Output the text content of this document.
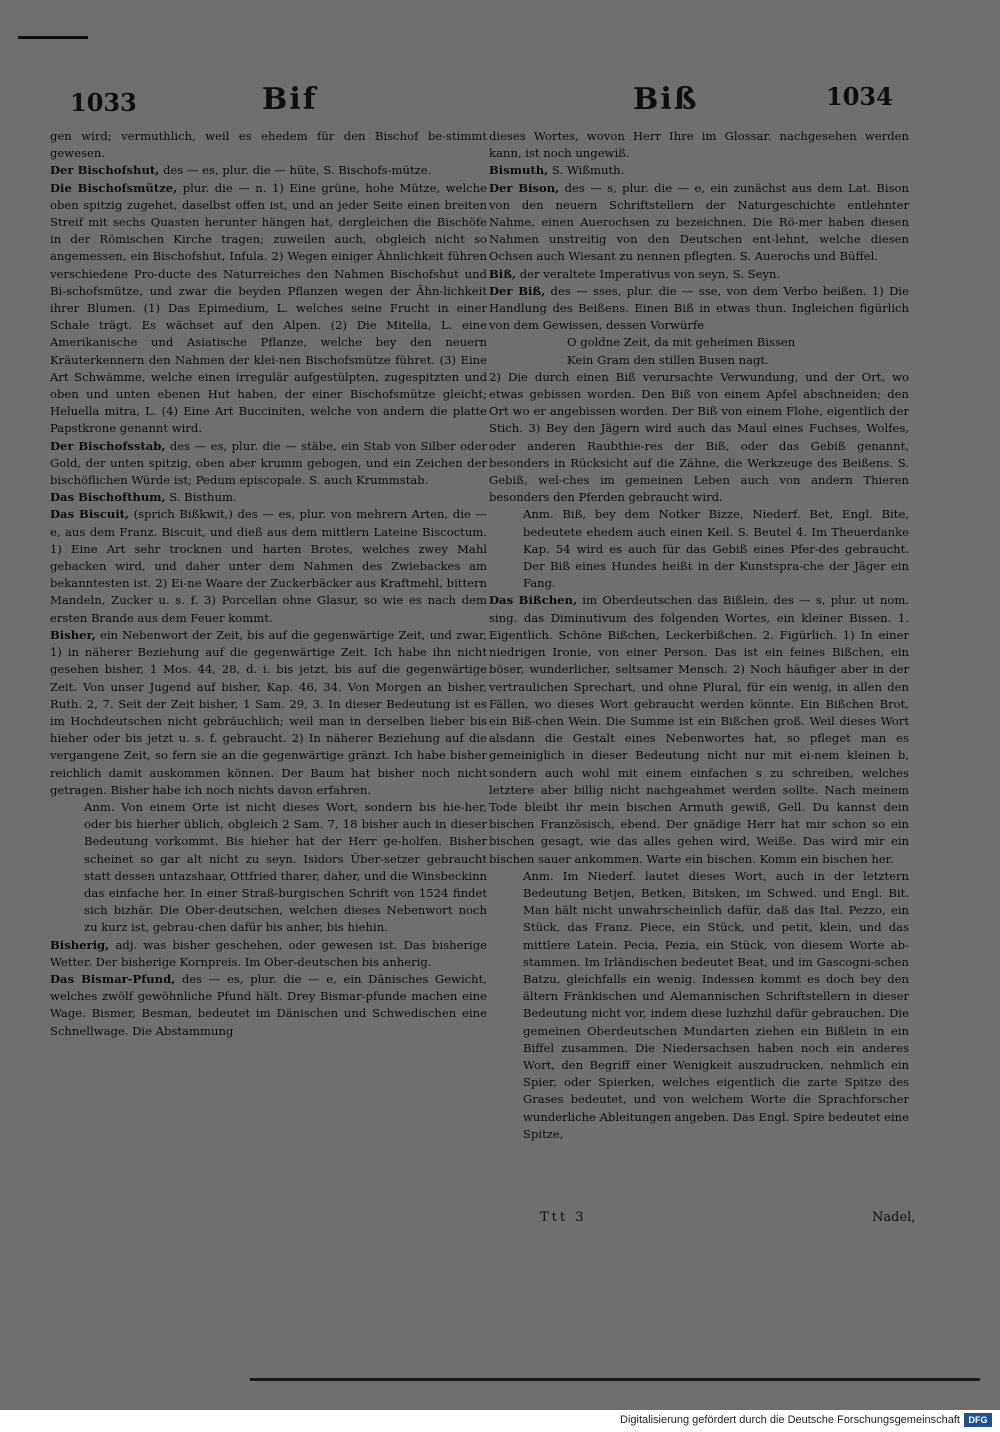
1033	Bif	Biß	1034

gen wird; vermuthlich, weil es ehedem für den Bischof be-stimmt gewesen.

Der Bischofshut, des — es, plur. die — hüte, S. Bischofs-mütze.

Die Bischofsmütze, plur. die — n. 1) Eine grüne, hohe Mütze, welche oben spitzig zugehet, daselbst offen ist, und an jeder Seite einen breiten Streif mit sechs Quasten herunter hängen hat, dergleichen die Bischöfe in der Römischen Kirche tragen; zuweilen auch, obgleich nicht so angemessen, ein Bischofshut, Infula. 2) Wegen einiger Ähnlichkeit führen verschiedene Pro-ducte des Naturreiches den Nahmen Bischofshut und Bi-schofsmütze, und zwar die beyden Pflanzen wegen der Ähn-lichkeit ihrer Blumen. (1) Das Epimedium, L. welches seine Frucht in einer Schale trägt. Es wächset auf den Alpen. (2) Die Mitella, L. eine Amerikanische und Asiatische Pflanze, welche bey den neuern Kräuterkennern den Nahmen der klei-nen Bischofsmütze führet. (3) Eine Art Schwämme, welche einen irregulär aufgestülpten, zugespitzten und oben und unten ebenen Hut haben, der einer Bischofsmütze gleicht; Heluella mitra, L. (4) Eine Art Bucciniten, welche von andern die platte Papstkrone genannt wird.

Der Bischofsstab, des — es, plur. die — stäbe, ein Stab von Silber oder Gold, der unten spitzig, oben aber krumm gebogen, und ein Zeichen der bischöflichen Würde ist; Pedum episcopale. S. auch Krummstab.

Das Bischofthum, S. Bisthum.

Das Biscuit, (sprich Bißkwit,) des — es, plur. von mehrern Arten, die — e, aus dem Franz. Biscuit, und dieß aus dem mittlern Lateine Biscoctum. 1) Eine Art sehr trocknen und harten Brotes, welches zwey Mahl gebacken wird, und daher unter dem Nahmen des Zwiebackes am bekanntesten ist. 2) Ei-ne Waare der Zuckerbäcker aus Kraftmehl, bittern Mandeln, Zucker u. s. f. 3) Porcellan ohne Glasur, so wie es nach dem ersten Brande aus dem Feuer kommt.

Bisher, ein Nebenwort der Zeit, bis auf die gegenwärtige Zeit, und zwar, 1) in näherer Beziehung auf die gegenwärtige Zeit. Ich habe ihn nicht gesehen bisher, 1 Mos. 44, 28, d. i. bis jetzt, bis auf die gegenwärtige Zeit. Von unser Jugend auf bisher, Kap. 46, 34. Von Morgen an bisher, Ruth. 2, 7. Seit der Zeit bisher, 1 Sam. 29, 3. In dieser Bedeutung ist es im Hochdeutschen nicht gebräuchlich; weil man in derselben lieber bis hieher oder bis jetzt u. s. f. gebraucht. 2) In näherer Beziehung auf die vergangene Zeit, so fern sie an die gegenwärtige gränzt. Ich habe bisher reichlich damit auskommen können. Der Baum hat bisher noch nicht getragen. Bisher habe ich noch nichts davon erfahren.

Anm. Von einem Orte ist nicht dieses Wort, sondern bis hie-her, oder bis hierher üblich, obgleich 2 Sam. 7, 18 bisher auch in dieser Bedeutung vorkommt. Bis hieher hat der Herr ge-holfen. Bisher scheinet so gar alt nicht zu seyn. Isidors Über-setzer gebraucht statt dessen untazshaar, Ottfried tharer, daher, und die Winsbeckinn das einfache her. In einer Straß-burgischen Schrift von 1524 findet sich bizhär. Die Ober-deutschen, welchen dieses Nebenwort noch zu kurz ist, gebrau-chen dafür bis anher, bis hiehin.

Bisherig, adj. was bisher geschehen, oder gewesen ist. Das bisherige Wetter. Der bisherige Kornpreis. Im Ober-deutschen bis anherig.

Das Bismar-Pfund, des — es, plur. die — e, ein Dänisches Gewicht, welches zwölf gewöhnliche Pfund hält. Drey Bismar-pfunde machen eine Wage. Bismer, Besman, bedeutet im Dänischen und Schwedischen eine Schnellwage. Die Abstammung

dieses Wortes, wovon Herr Ihre im Glossar. nachgesehen werden kann, ist noch ungewiß.

Bismuth, S. Wißmuth.

Der Bison, des — s, plur. die — e, ein zunächst aus dem Lat. Bison von den neuern Schriftstellern der Naturgeschichte entlehnter Nahme, einen Auerochsen zu bezeichnen. Die Rö-mer haben diesen Nahmen unstreitig von den Deutschen ent-lehnt, welche diesen Ochsen auch Wiesant zu nennen pflegten. S. Auerochs und Büffel.

Biß, der veraltete Imperativus von seyn, S. Seyn.

Der Biß, des — sses, plur. die — sse, von dem Verbo beißen. 1) Die Handlung des Beißens. Einen Biß in etwas thun. Ingleichen figürlich von dem Gewissen, dessen Vorwürfe

O goldne Zeit, da mit geheimen Bissen

Kein Gram den stillen Busen nagt.

2) Die durch einen Biß verursachte Verwundung, und der Ort, wo etwas gebissen worden. Den Biß von einem Apfel abschneiden; den Ort wo er angebissen worden. Der Biß von einem Flohe, eigentlich der Stich. 3) Bey den Jägern wird auch das Maul eines Fuchses, Wolfes, oder anderen Raubthie-res der Biß, oder das Gebiß genannt, besonders in Rücksicht auf die Zähne, die Werkzeuge des Beißens. S. Gebiß, wel-ches im gemeinen Leben auch von andern Thieren besonders den Pferden gebraucht wird.

Anm. Biß, bey dem Notker Bizze, Niederf. Bet, Engl. Bite, bedeutete ehedem auch einen Keil. S. Beutel 4. Im Theuerdanke Kap. 54 wird es auch für das Gebiß eines Pfer-des gebraucht. Der Biß eines Hundes heißt in der Kunstspra-che der Jäger ein Fang.

Das Bißchen, im Oberdeutschen das Bißlein, des — s, plur. ut nom. sing. das Diminutivum des folgenden Wortes, ein kleiner Bissen. 1. Eigentlich. Schöne Bißchen, Leckerbißchen. 2. Figürlich. 1) In einer niedrigen Ironie, von einer Person. Das ist ein feines Bißchen, ein böser, wunderlicher, seltsamer Mensch. 2) Noch häufiger aber in der vertraulichen Sprechart, und ohne Plural, für ein wenig, in allen den Fällen, wo dieses Wort gebraucht werden könnte. Ein Bißchen Brot, ein Biß-chen Wein. Die Summe ist ein Bißchen groß. Weil dieses Wort alsdann die Gestalt eines Nebenwortes hat, so pfleget man es gemeiniglich in dieser Bedeutung nicht nur mit ei-nem kleinen b, sondern auch wohl mit einem einfachen s zu schreiben, welches letztere aber billig nicht nachgeahmet werden sollte. Nach meinem Tode bleibt ihr mein bischen Armuth gewiß, Gell. Du kannst dein bischen Französisch, ebend. Der gnädige Herr hat mir schon so ein bischen gesagt, wie das alles gehen wird, Weiße. Das wird mir ein bischen sauer ankommen. Warte ein bischen. Komm ein bischen her.

Anm. Im Niederf. lautet dieses Wort, auch in der letztern Bedeutung Betjen, Betken, Bitsken, im Schwed. und Engl. Bit. Man hält nicht unwahrscheinlich dafür, daß das Ital. Pezzo, ein Stück, das Franz. Piece, ein Stück, und petit, klein, und das mittlere Latein. Pecia, Pezia, ein Stück, von diesem Worte ab-stammen. Im Irländischen bedeutet Beat, und im Gascogni-schen Batzu, gleichfalls ein wenig. Indessen kommt es doch bey den ältern Fränkischen und Alemannischen Schriftstellern in dieser Bedeutung nicht vor, indem diese luzhzhil dafür gebrauchen. Die gemeinen Oberdeutschen Mundarten ziehen ein Bißlein in ein Biffel zusammen. Die Niedersachsen haben noch ein anderes Wort, den Begriff einer Wenigkeit auszudrucken, nehmlich ein Spier, oder Spierken, welches eigentlich die zarte Spitze des Grases bedeutet, und von welchem Worte die Sprachforscher wunderliche Ableitungen angeben. Das Engl. Spire bedeutet eine Spitze,

Ttt 3	Nadel,
Digitalisierung gefördert durch die Deutsche Forschungsgemeinschaft DFG
